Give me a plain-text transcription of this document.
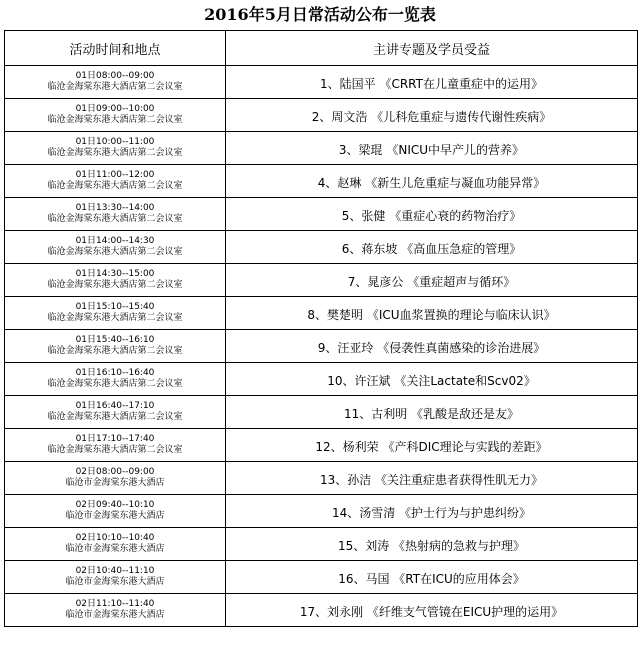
2016年5月日常活动公布一览表
活动时间和地点	主讲专题及学员受益

01日08:00--09:00
临沧金海棠东港大酒店第二会议室	1、陆国平 《CRRT在儿童重症中的运用》

01日09:00--10:00
临沧金海棠东港大酒店第二会议室	2、周文浩 《儿科危重症与遗传代谢性疾病》

01日10:00--11:00
临沧金海棠东港大酒店第二会议室	3、梁琨 《NICU中早产儿的营养》

01日11:00--12:00
临沧金海棠东港大酒店第二会议室	4、赵琳 《新生儿危重症与凝血功能异常》

01日13:30--14:00
临沧金海棠东港大酒店第二会议室	5、张健 《重症心衰的药物治疗》

01日14:00--14:30
临沧金海棠东港大酒店第二会议室	6、蒋东坡 《高血压急症的管理》

01日14:30--15:00
临沧金海棠东港大酒店第二会议室	7、晁彦公 《重症超声与循环》

01日15:10--15:40
临沧金海棠东港大酒店第二会议室	8、樊楚明 《ICU血浆置换的理论与临床认识》

01日15:40--16:10
临沧金海棠东港大酒店第二会议室	9、汪亚玲 《侵袭性真菌感染的诊治进展》

01日16:10--16:40
临沧金海棠东港大酒店第二会议室	10、许汪斌 《关注Lactate和Scv02》

01日16:40--17:10
临沧金海棠东港大酒店第二会议室	11、古利明 《乳酸是敌还是友》

01日17:10--17:40
临沧金海棠东港大酒店第二会议室	12、杨利荣 《产科DIC理论与实践的差距》

02日08:00--09:00
临沧市金海棠东港大酒店	13、孙洁 《关注重症患者获得性肌无力》

02日09:40--10:10
临沧市金海棠东港大酒店	14、汤雪清 《护士行为与护患纠纷》

02日10:10--10:40
临沧市金海棠东港大酒店	15、刘涛 《热射病的急救与护理》

02日10:40--11:10
临沧市金海棠东港大酒店	16、马国 《RT在ICU的应用体会》

02日11:10--11:40
临沧市金海棠东港大酒店	17、刘永刚 《纤维支气管镜在EICU护理的运用》
